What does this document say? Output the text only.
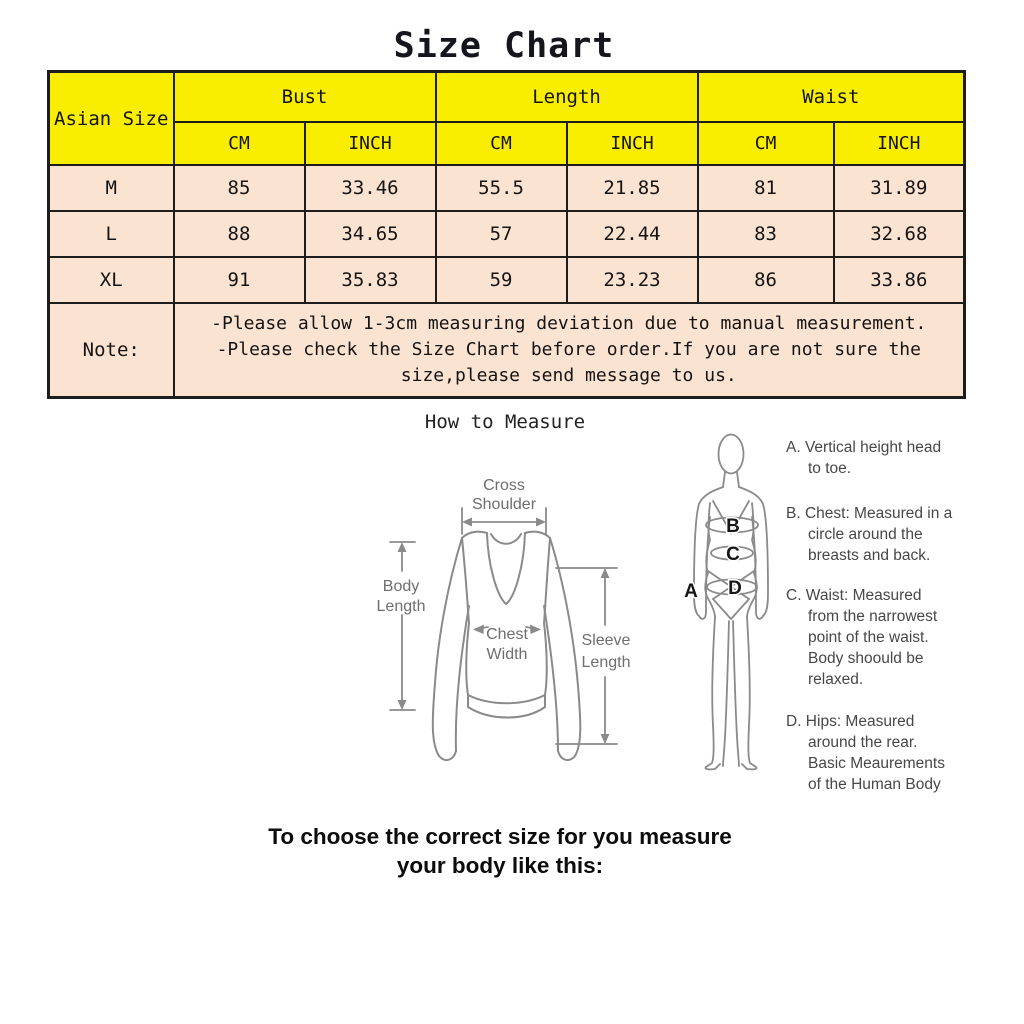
Size Chart
Asian Size	Bust		Length		Waist	
	CM	INCH	CM	INCH	CM	INCH
M	85	33.46	55.5	21.85	81	31.89
L	88	34.65	57	22.44	83	32.68
XL	91	35.83	59	23.23	86	33.86
Note:	-Please allow 1-3cm measuring deviation due to manual measurement.
-Please check the Size Chart before order.If you are not sure the
size,please send message to us.					
How to Measure
Cross
Shoulder
Body
Length
Chest
Width
Sleeve
Length
A
B
C
D
A. Vertical height head
to toe.
B. Chest: Measured in a
circle around the
breasts and back.
C. Waist: Measured
from the narrowest
point of the waist.
Body shoould be
relaxed.
D. Hips: Measured
around the rear.
Basic Meaurements
of the Human Body
To choose the correct size for you measure
your body like this:
